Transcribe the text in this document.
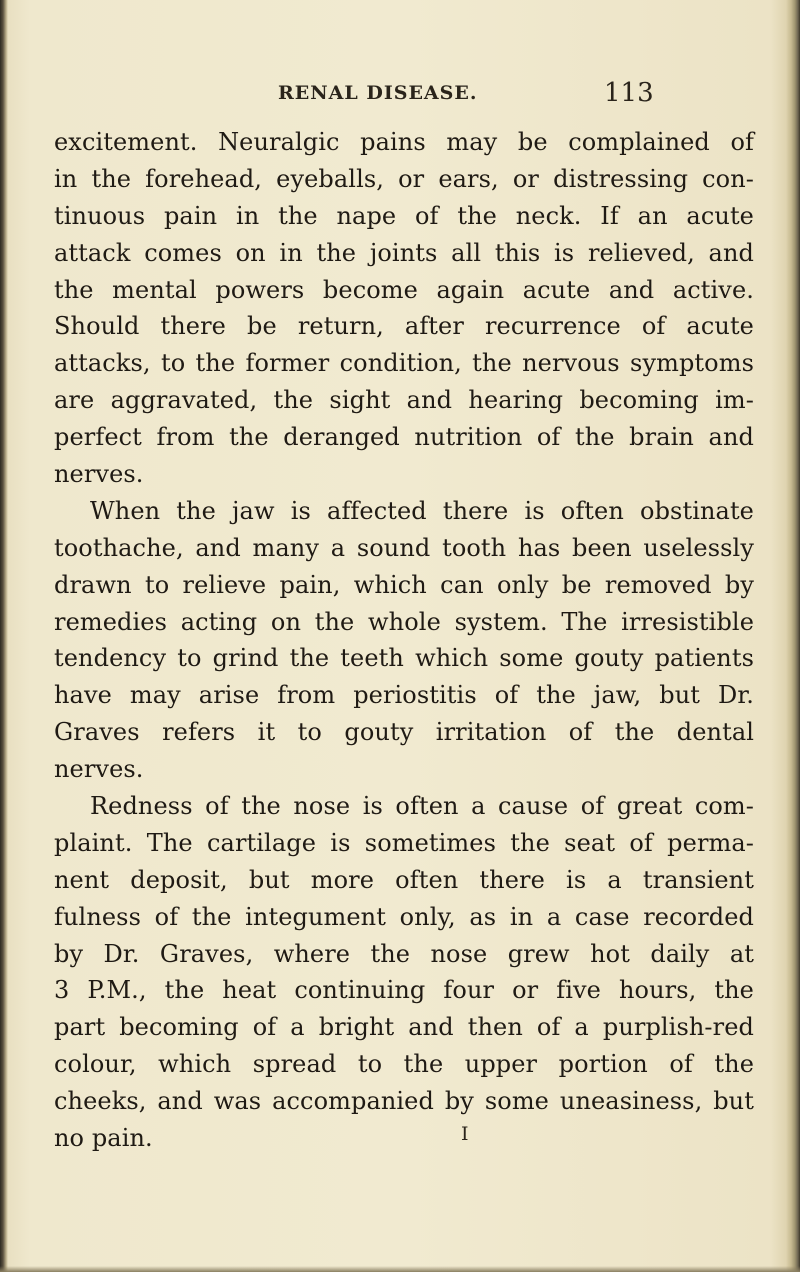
RENAL DISEASE.	113
excitement. Neuralgic pains may be complained of
in the forehead, eyeballs, or ears, or distressing con-
tinuous pain in the nape of the neck. If an acute
attack comes on in the joints all this is relieved, and
the mental powers become again acute and active.
Should there be return, after recurrence of acute
attacks, to the former condition, the nervous symptoms
are aggravated, the sight and hearing becoming im-
perfect from the deranged nutrition of the brain and
nerves.
When the jaw is affected there is often obstinate
toothache, and many a sound tooth has been uselessly
drawn to relieve pain, which can only be removed by
remedies acting on the whole system. The irresistible
tendency to grind the teeth which some gouty patients
have may arise from periostitis of the jaw, but Dr.
Graves refers it to gouty irritation of the dental
nerves.
Redness of the nose is often a cause of great com-
plaint. The cartilage is sometimes the seat of perma-
nent deposit, but more often there is a transient
fulness of the integument only, as in a case recorded
by Dr. Graves, where the nose grew hot daily at
3 P.M., the heat continuing four or five hours, the
part becoming of a bright and then of a purplish-red
colour, which spread to the upper portion of the
cheeks, and was accompanied by some uneasiness, but
no pain.	I
